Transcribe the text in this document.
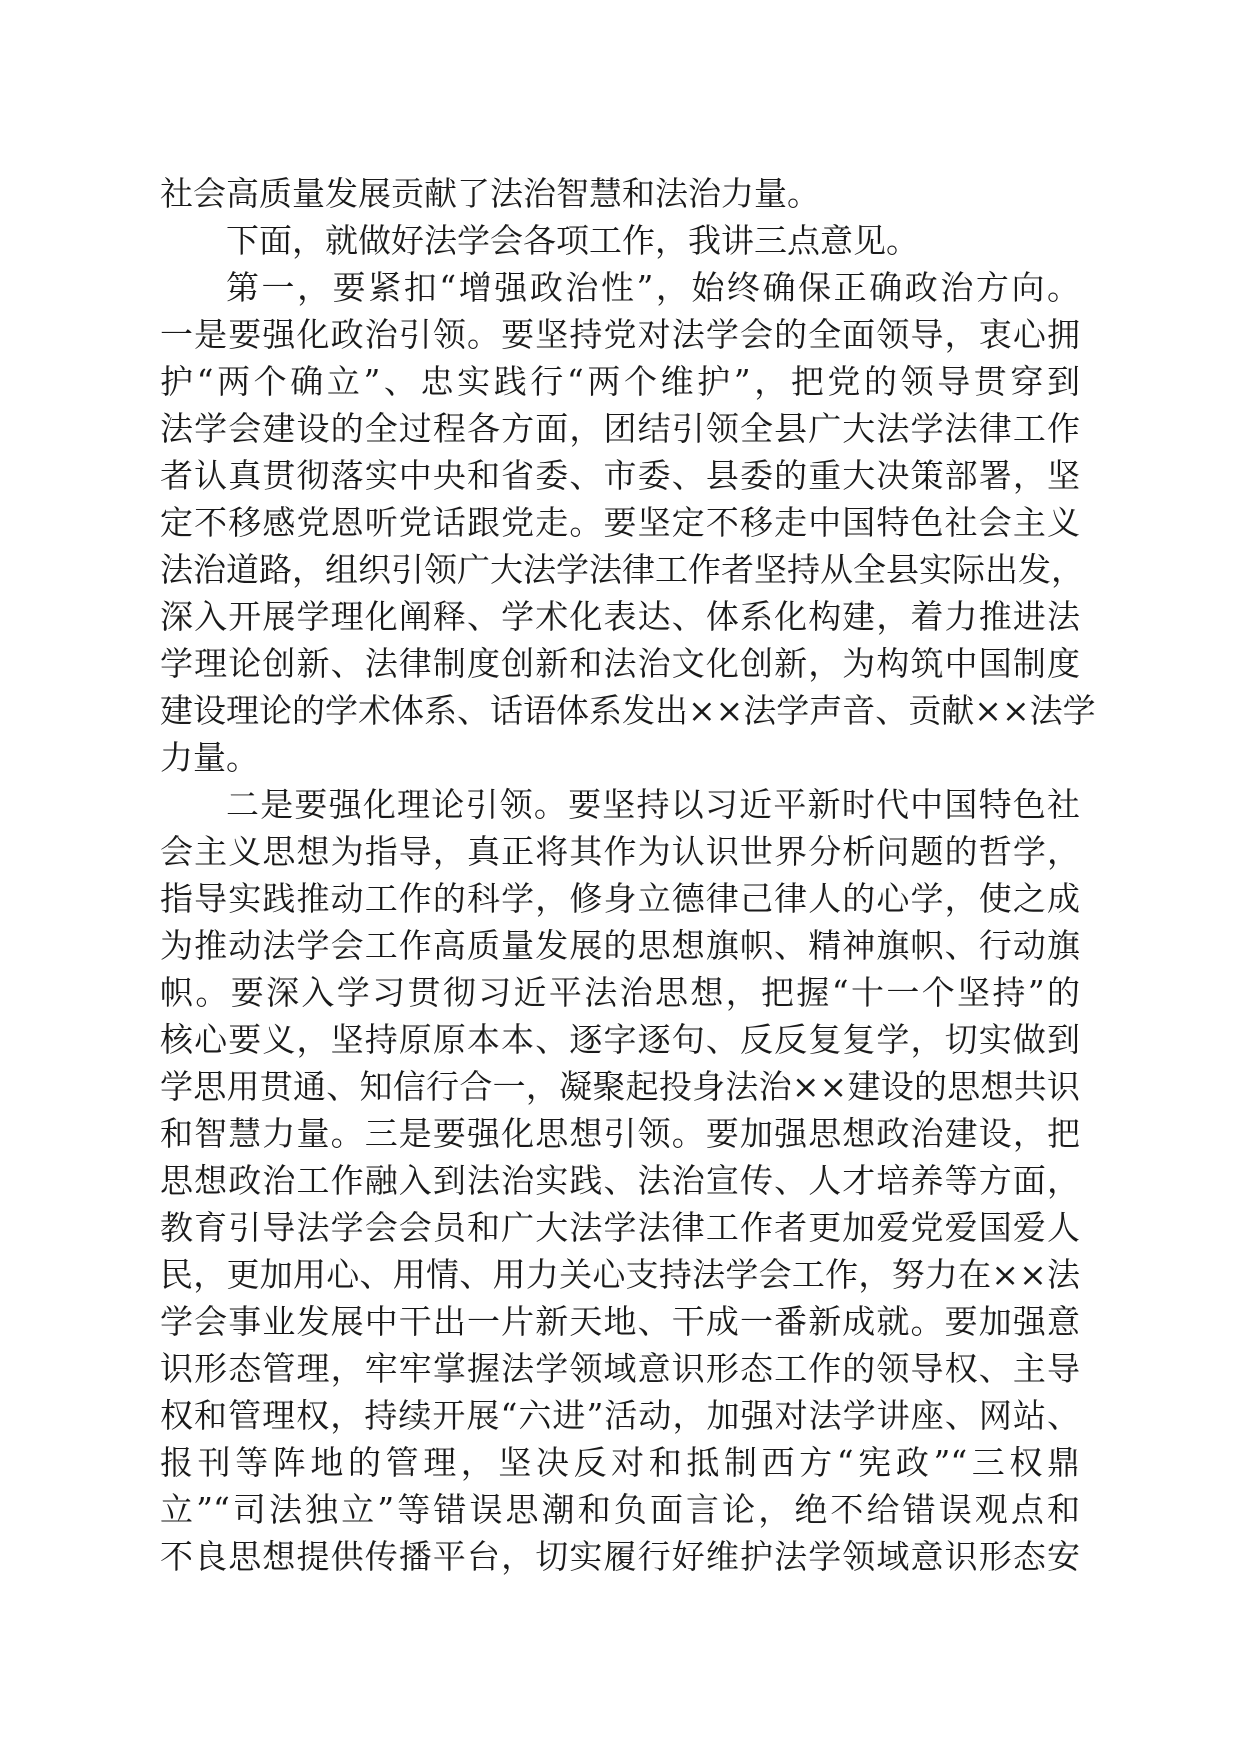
社会高质量发展贡献了法治智慧和法治力量。
下面，就做好法学会各项工作，我讲三点意见。
第一，要紧扣“增强政治性”，始终确保正确政治方向。
一是要强化政治引领。要坚持党对法学会的全面领导，衷心拥
护“两个确立”、忠实践行“两个维护”，把党的领导贯穿到
法学会建设的全过程各方面，团结引领全县广大法学法律工作
者认真贯彻落实中央和省委、市委、县委的重大决策部署，坚
定不移感党恩听党话跟党走。要坚定不移走中国特色社会主义
法治道路，组织引领广大法学法律工作者坚持从全县实际出发，
深入开展学理化阐释、学术化表达、体系化构建，着力推进法
学理论创新、法律制度创新和法治文化创新，为构筑中国制度
建设理论的学术体系、话语体系发出××法学声音、贡献××法学
力量。
二是要强化理论引领。要坚持以习近平新时代中国特色社
会主义思想为指导，真正将其作为认识世界分析问题的哲学，
指导实践推动工作的科学，修身立德律己律人的心学，使之成
为推动法学会工作高质量发展的思想旗帜、精神旗帜、行动旗
帜。要深入学习贯彻习近平法治思想，把握“十一个坚持”的
核心要义，坚持原原本本、逐字逐句、反反复复学，切实做到
学思用贯通、知信行合一，凝聚起投身法治××建设的思想共识
和智慧力量。三是要强化思想引领。要加强思想政治建设，把
思想政治工作融入到法治实践、法治宣传、人才培养等方面，
教育引导法学会会员和广大法学法律工作者更加爱党爱国爱人
民，更加用心、用情、用力关心支持法学会工作，努力在××法
学会事业发展中干出一片新天地、干成一番新成就。要加强意
识形态管理，牢牢掌握法学领域意识形态工作的领导权、主导
权和管理权，持续开展“六进”活动，加强对法学讲座、网站、
报刊等阵地的管理，坚决反对和抵制西方“宪政”“三权鼎
立”“司法独立”等错误思潮和负面言论，绝不给错误观点和
不良思想提供传播平台，切实履行好维护法学领域意识形态安
